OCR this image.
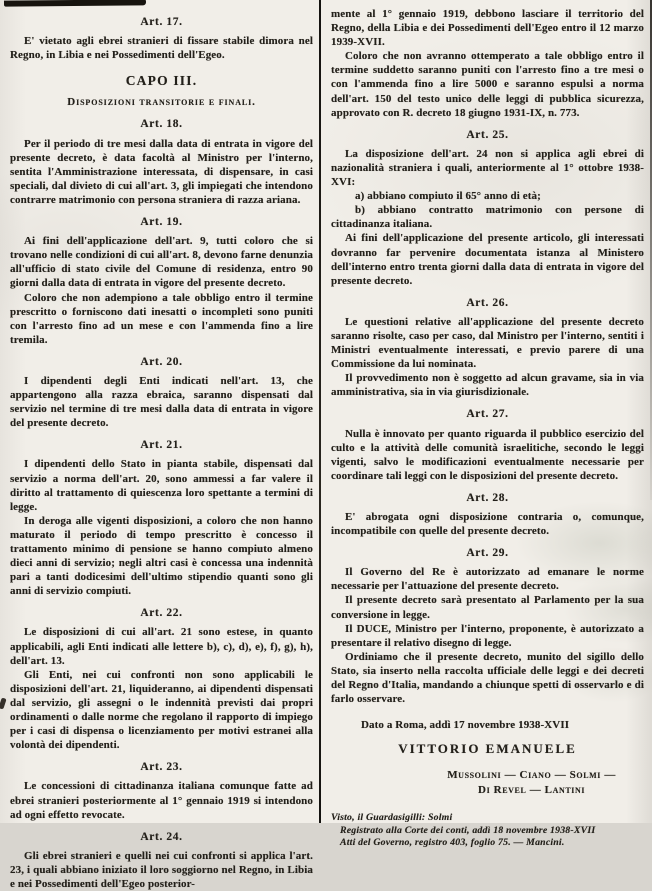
Art. 17.
E' vietato agli ebrei stranieri di fissare stabile dimora nel Regno, in Libia e nei Possedimenti dell'Egeo.
CAPO III.
Disposizioni transitorie e finali.
Art. 18.
Per il periodo di tre mesi dalla data di entrata in vigore del presente decreto, è data facoltà al Ministro per l'interno, sentita l'Amministrazione interessata, di dispensare, in casi speciali, dal divieto di cui all'art. 3, gli impiegati che intendono contrarre matrimonio con persona straniera di razza ariana.
Art. 19.
Ai fini dell'applicazione dell'art. 9, tutti coloro che si trovano nelle condizioni di cui all'art. 8, devono farne denunzia all'ufficio di stato civile del Comune di residenza, entro 90 giorni dalla data di entrata in vigore del presente decreto.
Coloro che non adempiono a tale obbligo entro il termine prescritto o forniscono dati inesatti o incompleti sono puniti con l'arresto fino ad un mese e con l'ammenda fino a lire tremila.
Art. 20.
I dipendenti degli Enti indicati nell'art. 13, che appartengono alla razza ebraica, saranno dispensati dal servizio nel termine di tre mesi dalla data di entrata in vigore del presente decreto.
Art. 21.
I dipendenti dello Stato in pianta stabile, dispensati dal servizio a norma dell'art. 20, sono ammessi a far valere il diritto al trattamento di quiescenza loro spettante a termini di legge.
In deroga alle vigenti disposizioni, a coloro che non hanno maturato il periodo di tempo prescritto è concesso il trattamento minimo di pensione se hanno compiuto almeno dieci anni di servizio; negli altri casi è concessa una indennità pari a tanti dodicesimi dell'ultimo stipendio quanti sono gli anni di servizio compiuti.
Art. 22.
Le disposizioni di cui all'art. 21 sono estese, in quanto applicabili, agli Enti indicati alle lettere b), c), d), e), f), g), h), dell'art. 13.
Gli Enti, nei cui confronti non sono applicabili le disposizioni dell'art. 21, liquideranno, ai dipendenti dispensati dal servizio, gli assegni o le indennità previsti dai propri ordinamenti o dalle norme che regolano il rapporto di impiego per i casi di dispensa o licenziamento per motivi estranei alla volontà dei dipendenti.
Art. 23.
Le concessioni di cittadinanza italiana comunque fatte ad ebrei stranieri posteriormente al 1° gennaio 1919 si intendono ad ogni effetto revocate.
Art. 24.
Gli ebrei stranieri e quelli nei cui confronti si applica l'art. 23, i quali abbiano iniziato il loro soggiorno nel Regno, in Libia e nei Possedimenti dell'Egeo posterior-
mente al 1° gennaio 1919, debbono lasciare il territorio del Regno, della Libia e dei Possedimenti dell'Egeo entro il 12 marzo 1939-XVII.
Coloro che non avranno ottemperato a tale obbligo entro il termine suddetto saranno puniti con l'arresto fino a tre mesi o con l'ammenda fino a lire 5000 e saranno espulsi a norma dell'art. 150 del testo unico delle leggi di pubblica sicurezza, approvato con R. decreto 18 giugno 1931-IX, n. 773.
Art. 25.
La disposizione dell'art. 24 non si applica agli ebrei di nazionalità straniera i quali, anteriormente al 1° ottobre 1938-XVI:
a) abbiano compiuto il 65° anno di età;
b) abbiano contratto matrimonio con persone di cittadinanza italiana.
Ai fini dell'applicazione del presente articolo, gli interessati dovranno far pervenire documentata istanza al Ministero dell'interno entro trenta giorni dalla data di entrata in vigore del presente decreto.
Art. 26.
Le questioni relative all'applicazione del presente decreto saranno risolte, caso per caso, dal Ministro per l'interno, sentiti i Ministri eventualmente interessati, e previo parere di una Commissione da lui nominata.
Il provvedimento non è soggetto ad alcun gravame, sia in via amministrativa, sia in via giurisdizionale.
Art. 27.
Nulla è innovato per quanto riguarda il pubblico esercizio del culto e la attività delle comunità israelitiche, secondo le leggi vigenti, salvo le modificazioni eventualmente necessarie per coordinare tali leggi con le disposizioni del presente decreto.
Art. 28.
E' abrogata ogni disposizione contraria o, comunque, incompatibile con quelle del presente decreto.
Art. 29.
Il Governo del Re è autorizzato ad emanare le norme necessarie per l'attuazione del presente decreto.
Il presente decreto sarà presentato al Parlamento per la sua conversione in legge.
Il DUCE, Ministro per l'interno, proponente, è autorizzato a presentare il relativo disegno di legge.
Ordiniamo che il presente decreto, munito del sigillo dello Stato, sia inserto nella raccolta ufficiale delle leggi e dei decreti del Regno d'Italia, mandando a chiunque spetti di osservarlo e di farlo osservare.
Dato a Roma, addì 17 novembre 1938-XVII
VITTORIO EMANUELE
Mussolini — Ciano — Solmi —
Di Revel — Lantini
Visto, il Guardasigilli: Solmi
Registrato alla Corte dei conti, addì 18 novembre 1938-XVII
Atti del Governo, registro 403, foglio 75. — Mancini.
